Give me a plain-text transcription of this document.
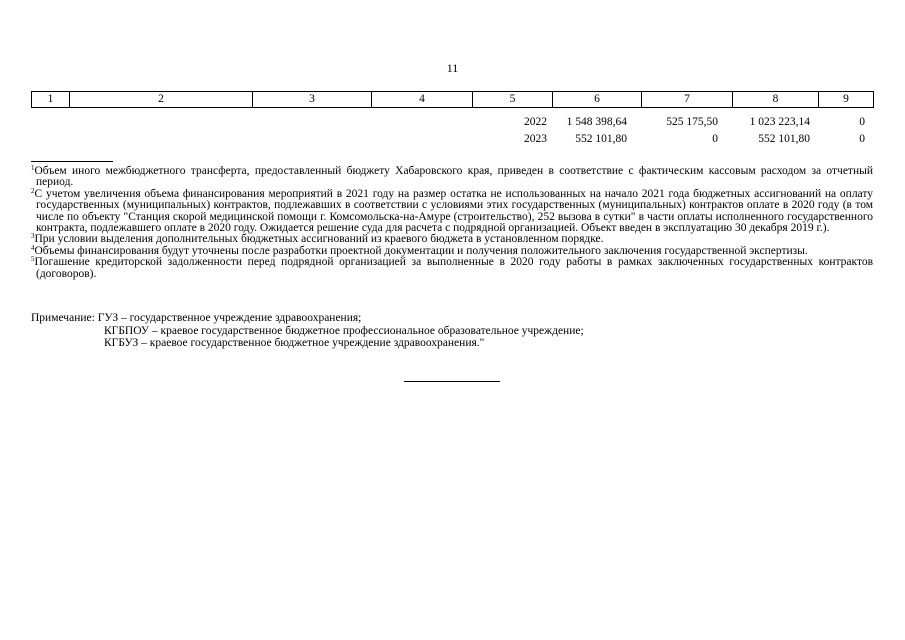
11
1	2	3	4	5	6	7	8	9
				2022	1 548 398,64	525 175,50	1 023 223,14	0
				2023	552 101,80	0	552 101,80	0

$^1$Объем иного межбюджетного трансферта, предоставленный бюджету Хабаровского края, приведен в соответствие с фактическим кассовым расходом за отчетный период.

$^2$С учетом увеличения объема финансирования мероприятий в 2021 году на размер остатка не использованных на начало 2021 года бюджетных ассигнований на оплату государственных (муниципальных) контрактов, подлежавших в соответствии с условиями этих государственных (муниципальных) контрактов оплате в 2020 году (в том числе по объекту "Станция скорой медицинской помощи г. Комсомольска-на-Амуре (строительство), 252 вызова в сутки" в части оплаты исполненного государственного контракта, подлежавшего оплате в 2020 году. Ожидается решение суда для расчета с подрядной организацией. Объект введен в эксплуатацию 30 декабря 2019 г.).

$^3$При условии выделения дополнительных бюджетных ассигнований из краевого бюджета в установленном порядке.

$^4$Объемы финансирования будут уточнены после разработки проектной документации и получения положительного заключения государственной экспертизы.

$^5$Погашение кредиторской задолженности перед подрядной организацией за выполненные в 2020 году работы в рамках заключенных государственных контрактов (договоров).

Примечание: ГУЗ – государственное учреждение здравоохранения;
КГБПОУ – краевое государственное бюджетное профессиональное образовательное учреждение;
КГБУЗ – краевое государственное бюджетное учреждение здравоохранения."
